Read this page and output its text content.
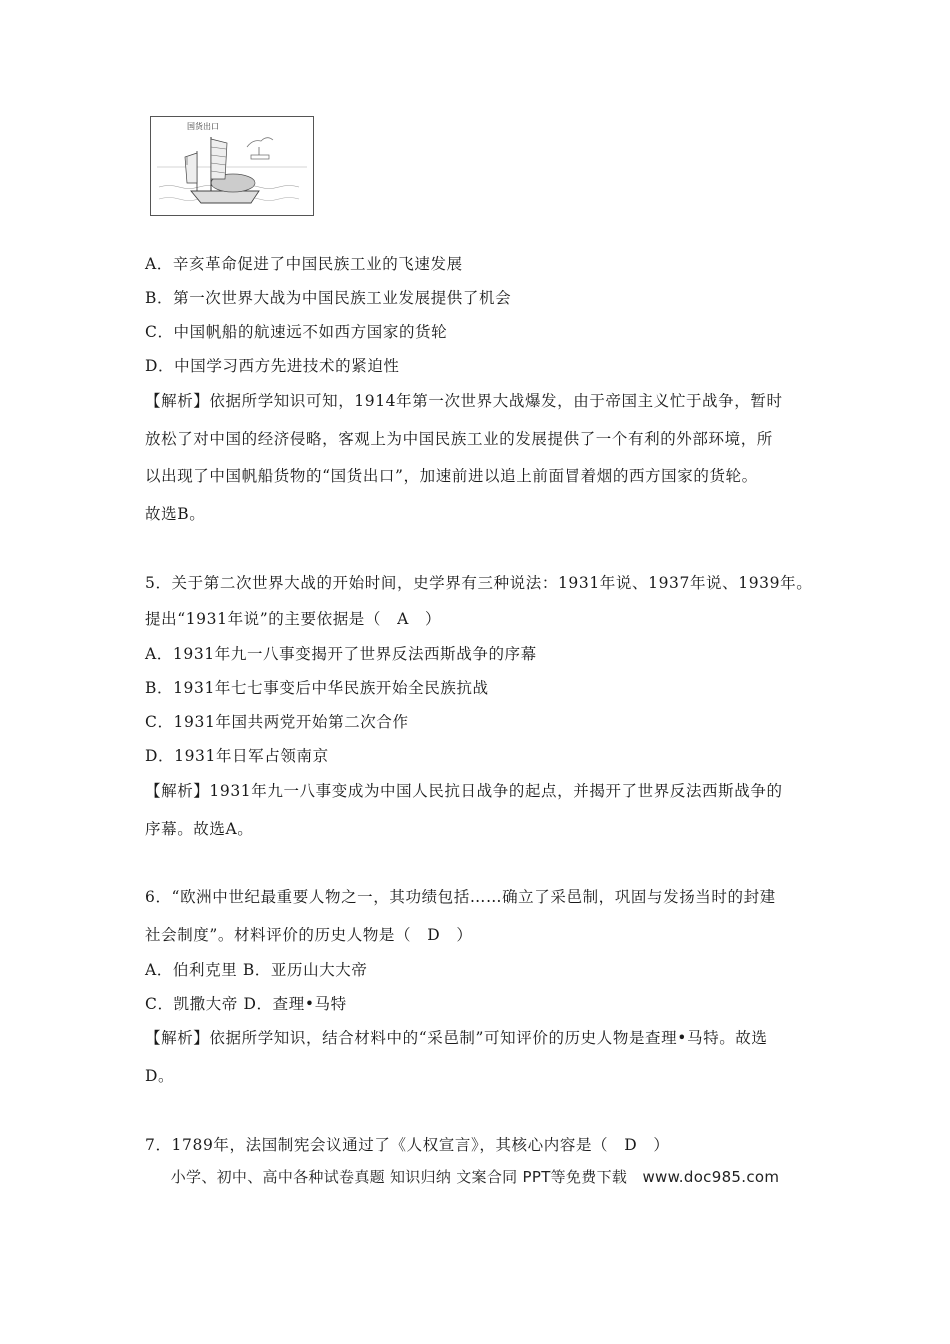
国货出口
A．辛亥革命促进了中国民族工业的飞速发展
B．第一次世界大战为中国民族工业发展提供了机会
C．中国帆船的航速远不如西方国家的货轮
D．中国学习西方先进技术的紧迫性
【解析】依据所学知识可知，1914年第一次世界大战爆发，由于帝国主义忙于战争，暂时
放松了对中国的经济侵略，客观上为中国民族工业的发展提供了一个有利的外部环境，所
以出现了中国帆船货物的“国货出口”，加速前进以追上前面冒着烟的西方国家的货轮。
故选B。
5．关于第二次世界大战的开始时间，史学界有三种说法：1931年说、1937年说、1939年。
提出“1931年说”的主要依据是（　A　）
A．1931年九一八事变揭开了世界反法西斯战争的序幕
B．1931年七七事变后中华民族开始全民族抗战
C．1931年国共两党开始第二次合作
D．1931年日军占领南京
【解析】1931年九一八事变成为中国人民抗日战争的起点，并揭开了世界反法西斯战争的
序幕。故选A。
6．“欧洲中世纪最重要人物之一，其功绩包括……确立了采邑制，巩固与发扬当时的封建
社会制度”。材料评价的历史人物是（　D　）
A．伯利克里 B．亚历山大大帝
C．凯撒大帝 D．查理•马特
【解析】依据所学知识，结合材料中的“采邑制”可知评价的历史人物是查理•马特。故选
D。
7．1789年，法国制宪会议通过了《人权宣言》，其核心内容是（　D　）
小学、初中、高中各种试卷真题 知识归纳 文案合同 PPT等免费下载　www.doc985.com
